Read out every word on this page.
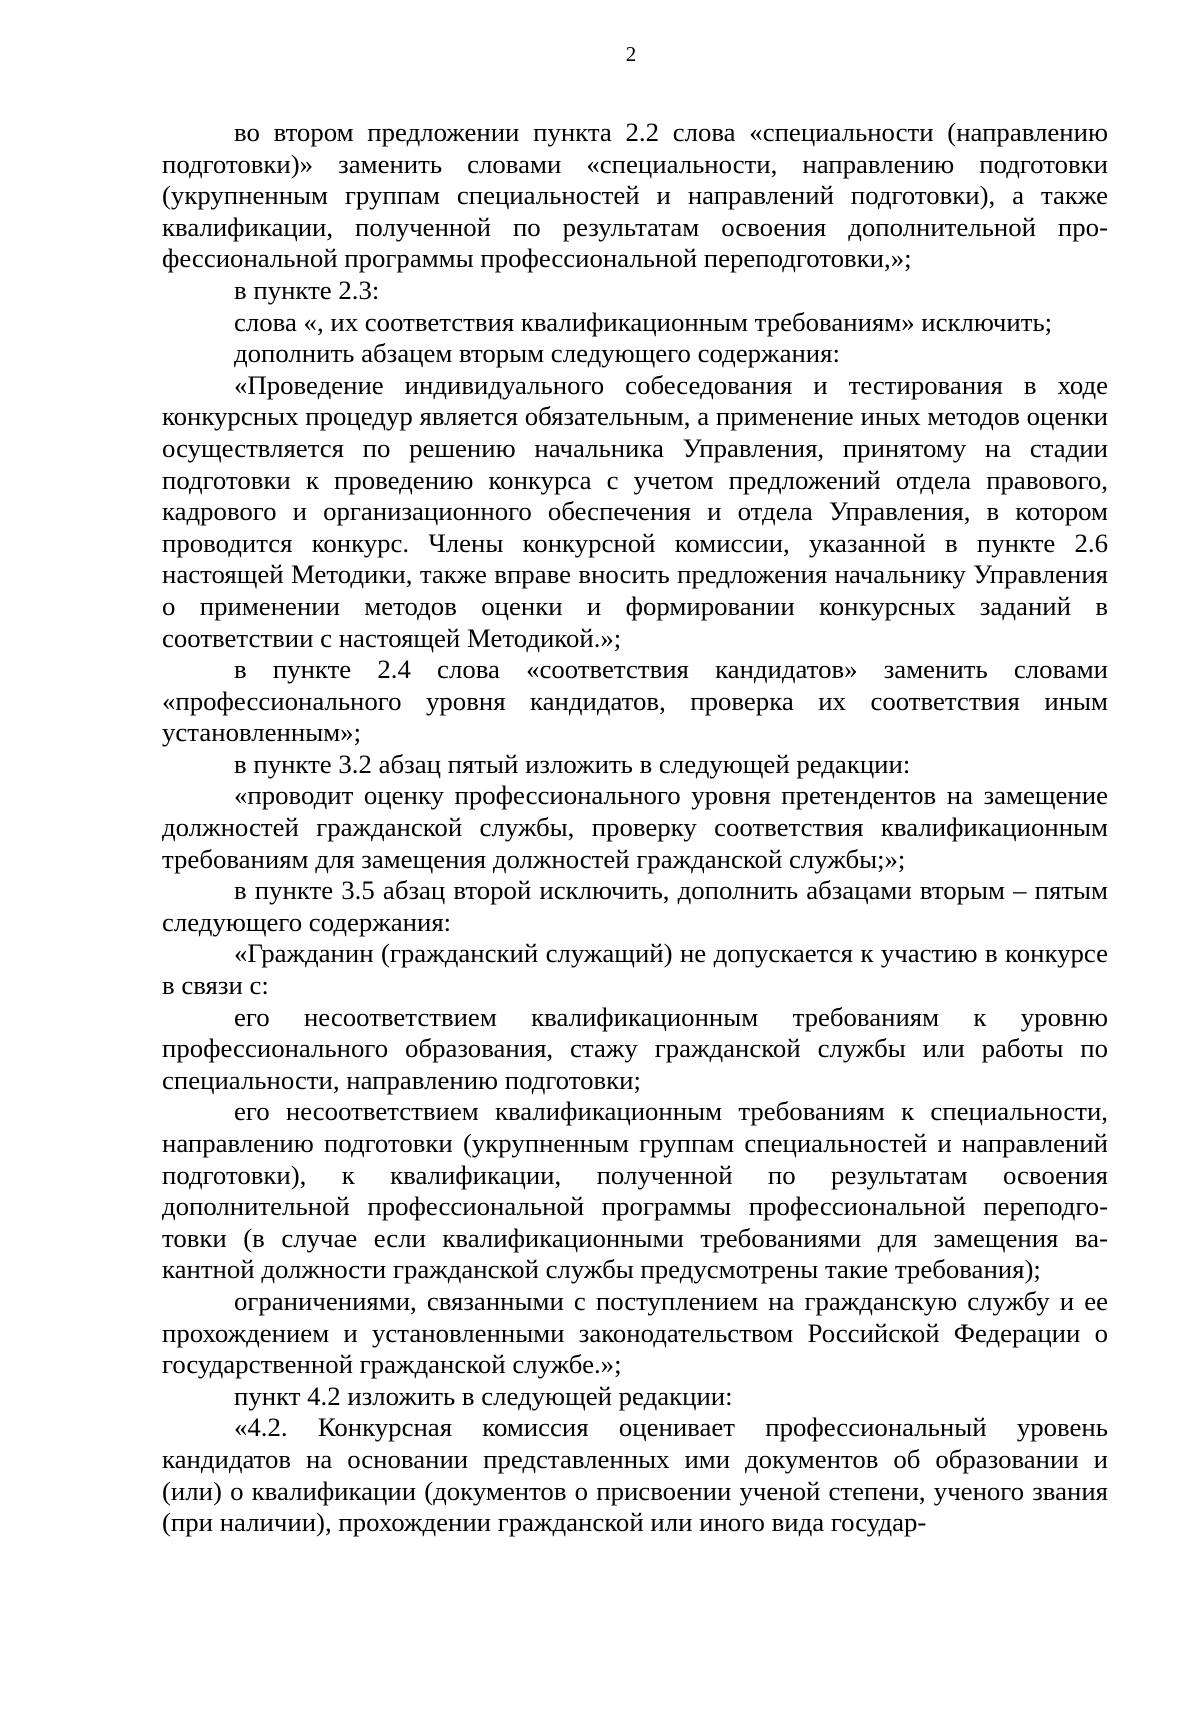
2

во втором предложении пункта 2.2 слова «специальности (направлению подготовки)» заменить словами «специальности, направлению подготовки (укрупненным группам специальностей и направлений подготовки), а также квалификации, полученной по результатам освоения дополнительной профессиональной программы профессиональной переподготовки,»;

в пункте 2.3:

слова «, их соответствия квалификационным требованиям» исключить;

дополнить абзацем вторым следующего содержания:

«Проведение индивидуального собеседования и тестирования в ходе конкурсных процедур является обязательным, а применение иных методов оценки осуществляется по решению начальника Управления, принятому на стадии подготовки к проведению конкурса с учетом предложений отдела правового, кадрового и организационного обеспечения и отдела Управления, в котором проводится конкурс. Члены конкурсной комиссии, указанной в пункте 2.6 настоящей Методики, также вправе вносить предложения начальнику Управления о применении методов оценки и формировании конкурсных заданий в соответствии с настоящей Методикой.»;

в пункте 2.4 слова «соответствия кандидатов» заменить словами «профессионального уровня кандидатов, проверка их соответствия иным установленным»;

в пункте 3.2 абзац пятый изложить в следующей редакции:

«проводит оценку профессионального уровня претендентов на замещение должностей гражданской службы, проверку соответствия квалификационным требованиям для замещения должностей гражданской службы;»;

в пункте 3.5 абзац второй исключить, дополнить абзацами вторым – пятым следующего содержания:

«Гражданин (гражданский служащий) не допускается к участию в конкурсе в связи с:

его несоответствием квалификационным требованиям к уровню профессионального образования, стажу гражданской службы или работы по специальности, направлению подготовки;

его несоответствием квалификационным требованиям к специальности, направлению подготовки (укрупненным группам специальностей и направлений подготовки), к квалификации, полученной по результатам освоения дополнительной профессиональной программы профессиональной переподготовки (в случае если квалификационными требованиями для замещения вакантной должности гражданской службы предусмотрены такие требования);

ограничениями, связанными с поступлением на гражданскую службу и ее прохождением и установленными законодательством Российской Федерации о государственной гражданской службе.»;

пункт 4.2 изложить в следующей редакции:

«4.2. Конкурсная комиссия оценивает профессиональный уровень кандидатов на основании представленных ими документов об образовании и (или) о квалификации (документов о присвоении ученой степени, ученого звания (при наличии), прохождении гражданской или иного вида государ-
